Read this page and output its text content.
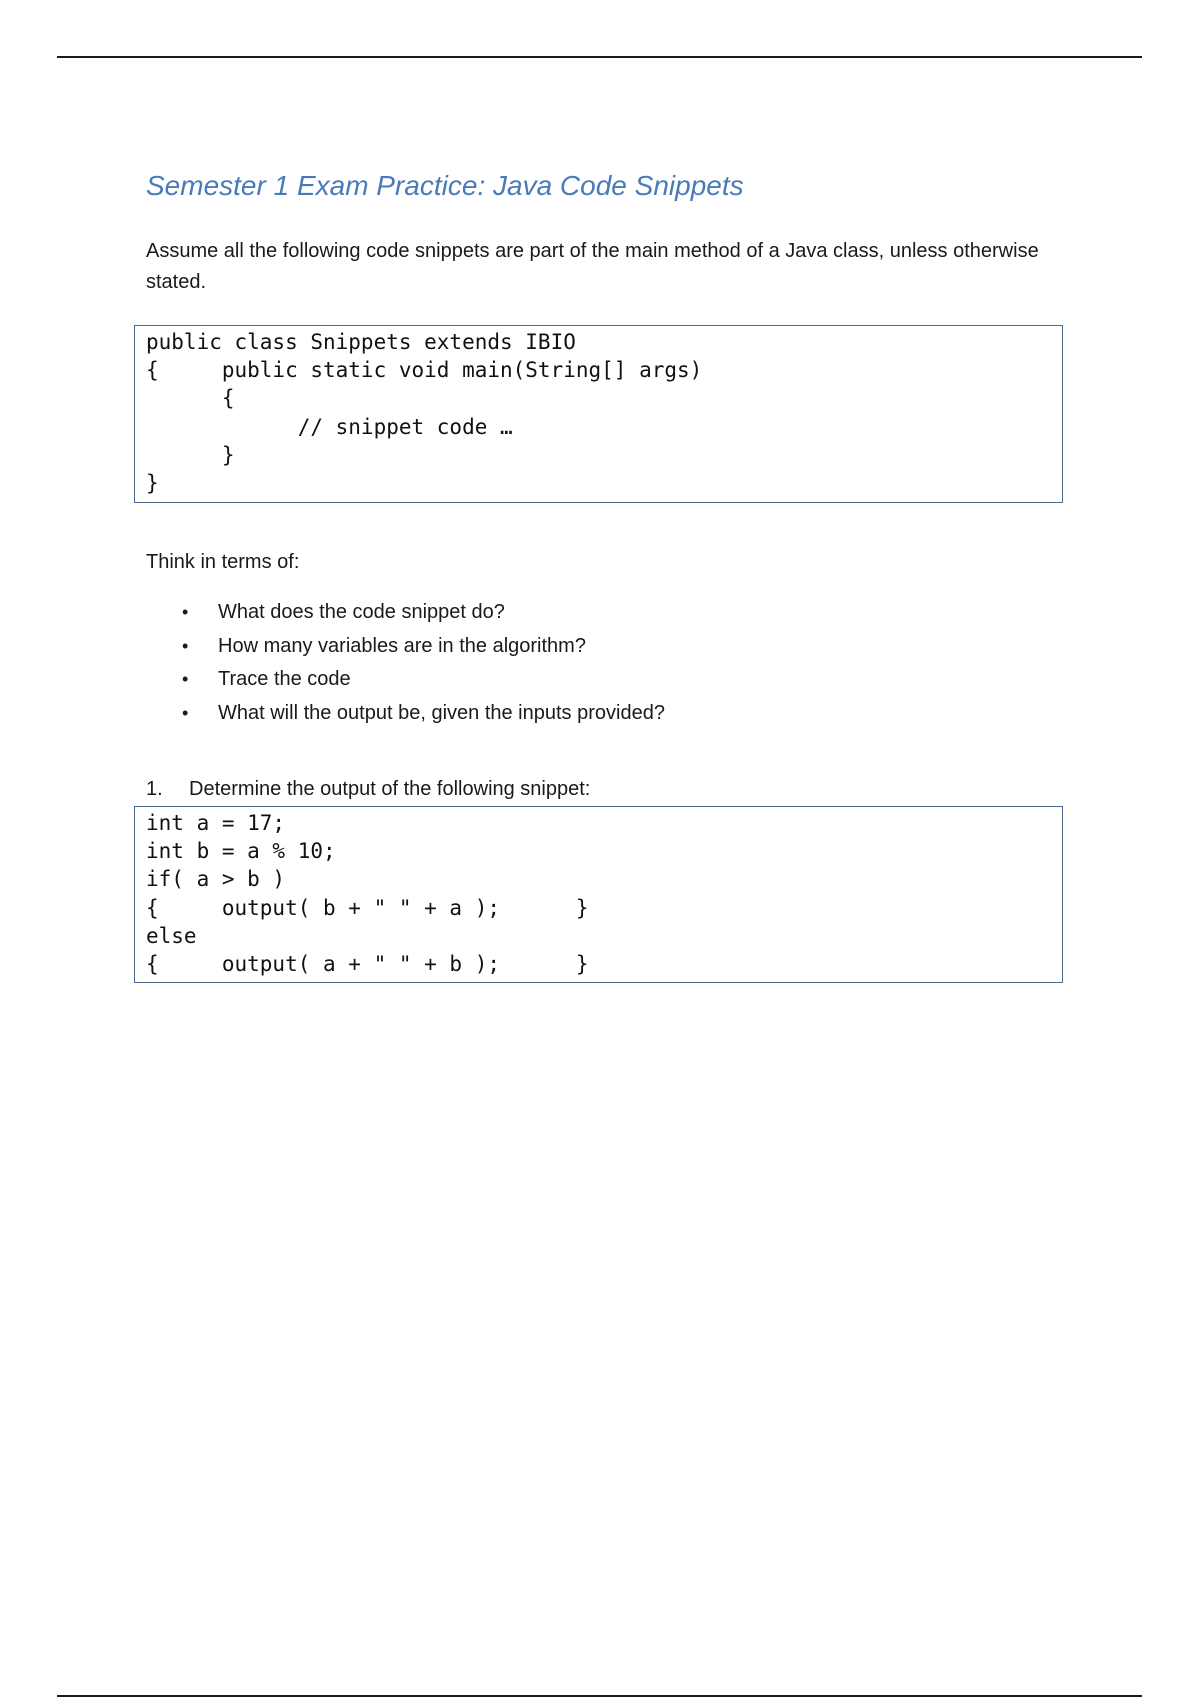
Semester 1 Exam Practice: Java Code Snippets

Assume all the following code snippets are part of the main method of a Java class, unless otherwise stated.

public class Snippets extends IBIO
{     public static void main(String[] args)
{
// snippet code …
}
}

Think in terms of:

• What does the code snippet do?
• How many variables are in the algorithm?
• Trace the code
• What will the output be, given the inputs provided?

1. Determine the output of the following snippet:

int a = 17;
int b = a % 10;
if( a > b )
{     output( b + " " + a );      }
else
{     output( a + " " + b );      }
